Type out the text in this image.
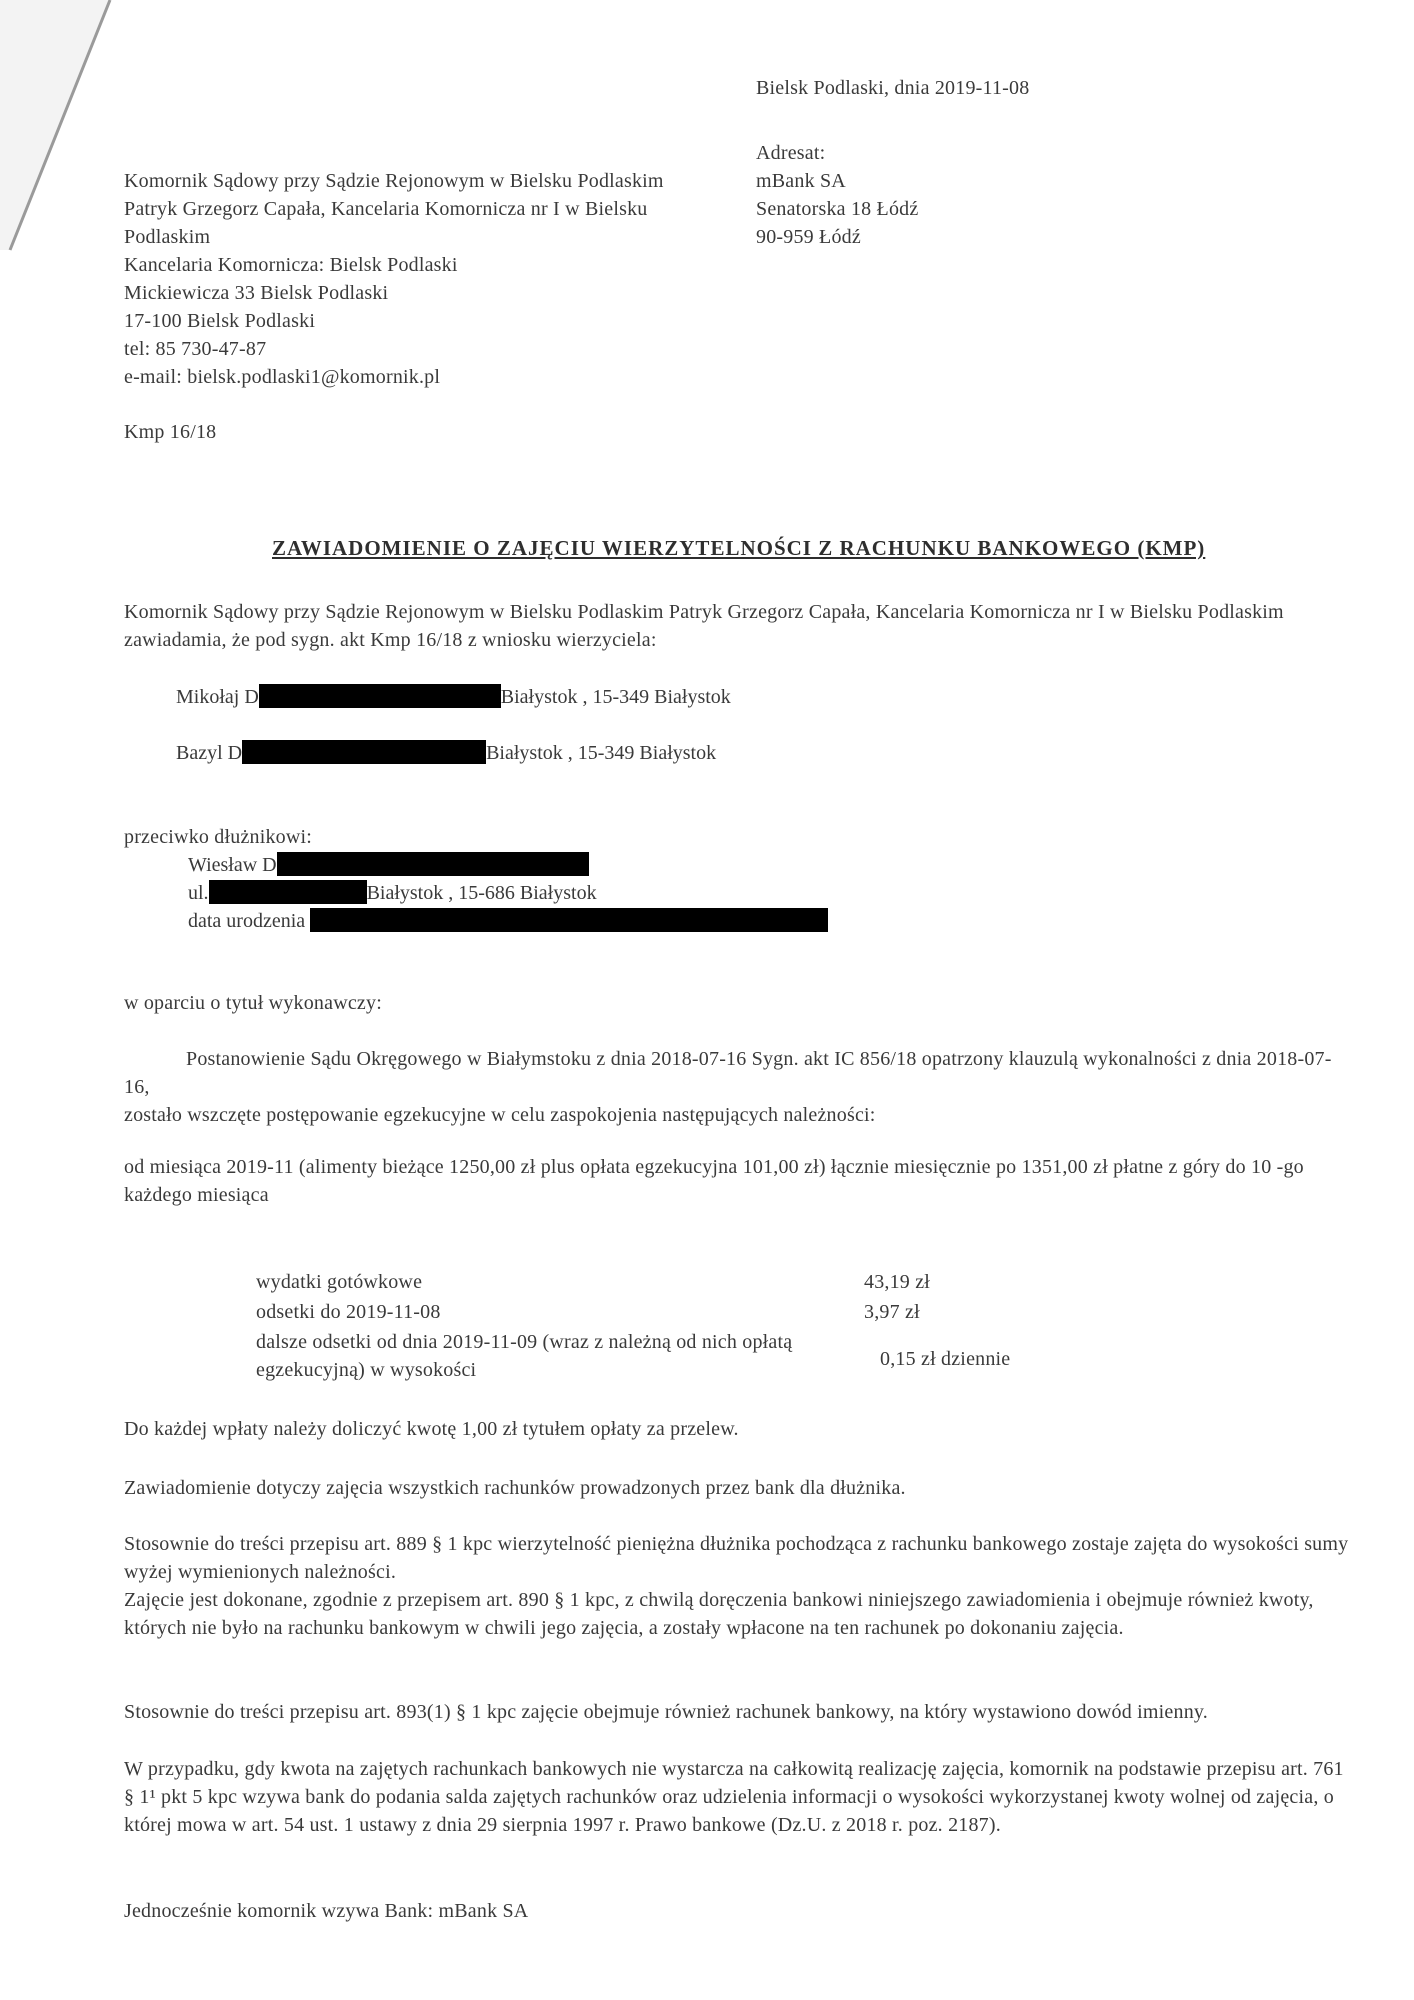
Bielsk Podlaski, dnia 2019-11-08
Adresat:
mBank SA
Senatorska 18 Łódź
90-959 Łódź
Komornik Sądowy przy Sądzie Rejonowym w Bielsku Podlaskim
Patryk Grzegorz Capała, Kancelaria Komornicza nr I w Bielsku
Podlaskim
Kancelaria Komornicza: Bielsk Podlaski
Mickiewicza 33 Bielsk Podlaski
17-100 Bielsk Podlaski
tel: 85 730-47-87
e-mail: bielsk.podlaski1@komornik.pl
Kmp 16/18
ZAWIADOMIENIE O ZAJĘCIU WIERZYTELNOŚCI Z RACHUNKU BANKOWEGO (KMP)
Komornik Sądowy przy Sądzie Rejonowym w Bielsku Podlaskim Patryk Grzegorz Capała, Kancelaria Komornicza nr I w Bielsku Podlaskim zawiadamia, że pod sygn. akt Kmp 16/18 z wniosku wierzyciela:
Mikołaj D	Białystok , 15-349 Białystok
Bazyl D	Białystok , 15-349 Białystok
przeciwko dłużnikowi:
Wiesław D
ul.	Białystok , 15-686 Białystok
data urodzenia
w oparciu o tytuł wykonawczy:
Postanowienie Sądu Okręgowego w Białymstoku z dnia 2018-07-16 Sygn. akt IC 856/18 opatrzony klauzulą wykonalności z dnia 2018-07-16,
zostało wszczęte postępowanie egzekucyjne w celu zaspokojenia następujących należności:
od miesiąca 2019-11 (alimenty bieżące 1250,00 zł plus opłata egzekucyjna 101,00 zł) łącznie miesięcznie po 1351,00 zł płatne z góry do 10 -go każdego miesiąca
wydatki gotówkowe	43,19 zł
odsetki do 2019-11-08	3,97 zł
dalsze odsetki od dnia 2019-11-09 (wraz z należną od nich opłatą egzekucyjną) w wysokości	0,15 zł dziennie
Do każdej wpłaty należy doliczyć kwotę 1,00 zł tytułem opłaty za przelew.
Zawiadomienie dotyczy zajęcia wszystkich rachunków prowadzonych przez bank dla dłużnika.
Stosownie do treści przepisu art. 889 § 1 kpc wierzytelność pieniężna dłużnika pochodząca z rachunku bankowego zostaje zajęta do wysokości sumy wyżej wymienionych należności.
Zajęcie jest dokonane, zgodnie z przepisem art. 890 § 1 kpc, z chwilą doręczenia bankowi niniejszego zawiadomienia i obejmuje również kwoty, których nie było na rachunku bankowym w chwili jego zajęcia, a zostały wpłacone na ten rachunek po dokonaniu zajęcia.
Stosownie do treści przepisu art. 893(1) § 1 kpc zajęcie obejmuje również rachunek bankowy, na który wystawiono dowód imienny.
W przypadku, gdy kwota na zajętych rachunkach bankowych nie wystarcza na całkowitą realizację zajęcia, komornik na podstawie przepisu art. 761 § 1¹ pkt 5 kpc wzywa bank do podania salda zajętych rachunków oraz udzielenia informacji o wysokości wykorzystanej kwoty wolnej od zajęcia, o której mowa w art. 54 ust. 1 ustawy z dnia 29 sierpnia 1997 r. Prawo bankowe (Dz.U. z 2018 r. poz. 2187).
Jednocześnie komornik wzywa Bank: mBank SA
